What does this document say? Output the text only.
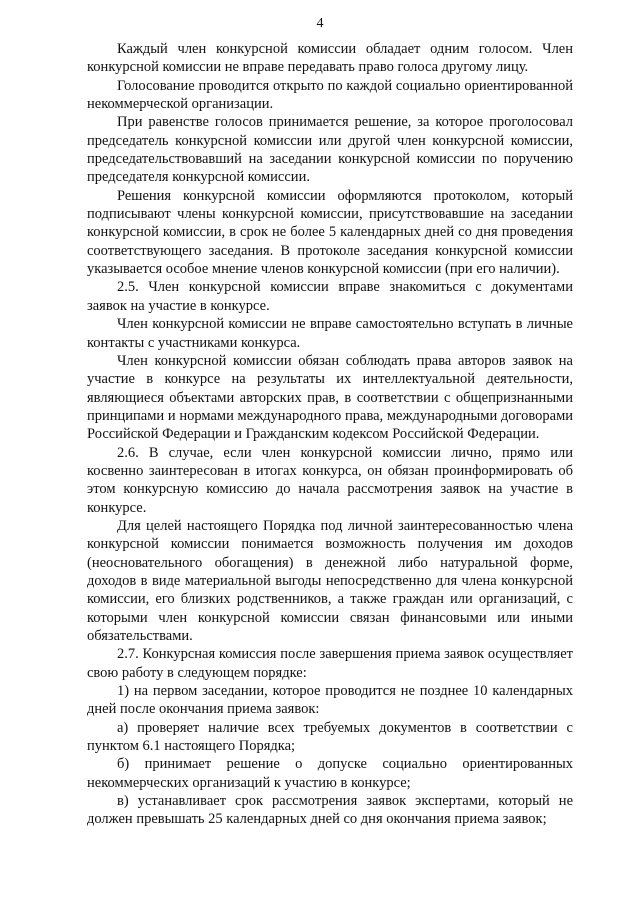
4

Каждый член конкурсной комиссии обладает одним голосом. Член конкурсной комиссии не вправе передавать право голоса другому лицу.

Голосование проводится открыто по каждой социально ориентированной некоммерческой организации.

При равенстве голосов принимается решение, за которое проголосовал председатель конкурсной комиссии или другой член конкурсной комиссии, председательствовавший на заседании конкурсной комиссии по поручению председателя конкурсной комиссии.

Решения конкурсной комиссии оформляются протоколом, который подписывают члены конкурсной комиссии, присутствовавшие на заседании конкурсной комиссии, в срок не более 5 календарных дней со дня проведения соответствующего заседания. В протоколе заседания конкурсной комиссии указывается особое мнение членов конкурсной комиссии (при его наличии).

2.5. Член конкурсной комиссии вправе знакомиться с документами заявок на участие в конкурсе.

Член конкурсной комиссии не вправе самостоятельно вступать в личные контакты с участниками конкурса.

Член конкурсной комиссии обязан соблюдать права авторов заявок на участие в конкурсе на результаты их интеллектуальной деятельности, являющиеся объектами авторских прав, в соответствии с общепризнанными принципами и нормами международного права, международными договорами Российской Федерации и Гражданским кодексом Российской Федерации.

2.6. В случае, если член конкурсной комиссии лично, прямо или косвенно заинтересован в итогах конкурса, он обязан проинформировать об этом конкурсную комиссию до начала рассмотрения заявок на участие в конкурсе.

Для целей настоящего Порядка под личной заинтересованностью члена конкурсной комиссии понимается возможность получения им доходов (неосновательного обогащения) в денежной либо натуральной форме, доходов в виде материальной выгоды непосредственно для члена конкурсной комиссии, его близких родственников, а также граждан или организаций, с которыми член конкурсной комиссии связан финансовыми или иными обязательствами.

2.7. Конкурсная комиссия после завершения приема заявок осуществляет свою работу в следующем порядке:

1) на первом заседании, которое проводится не позднее 10 календарных дней после окончания приема заявок:

а) проверяет наличие всех требуемых документов в соответствии с пунктом 6.1 настоящего Порядка;

б) принимает решение о допуске социально ориентированных некоммерческих организаций к участию в конкурсе;

в) устанавливает срок рассмотрения заявок экспертами, который не должен превышать 25 календарных дней со дня окончания приема заявок;
